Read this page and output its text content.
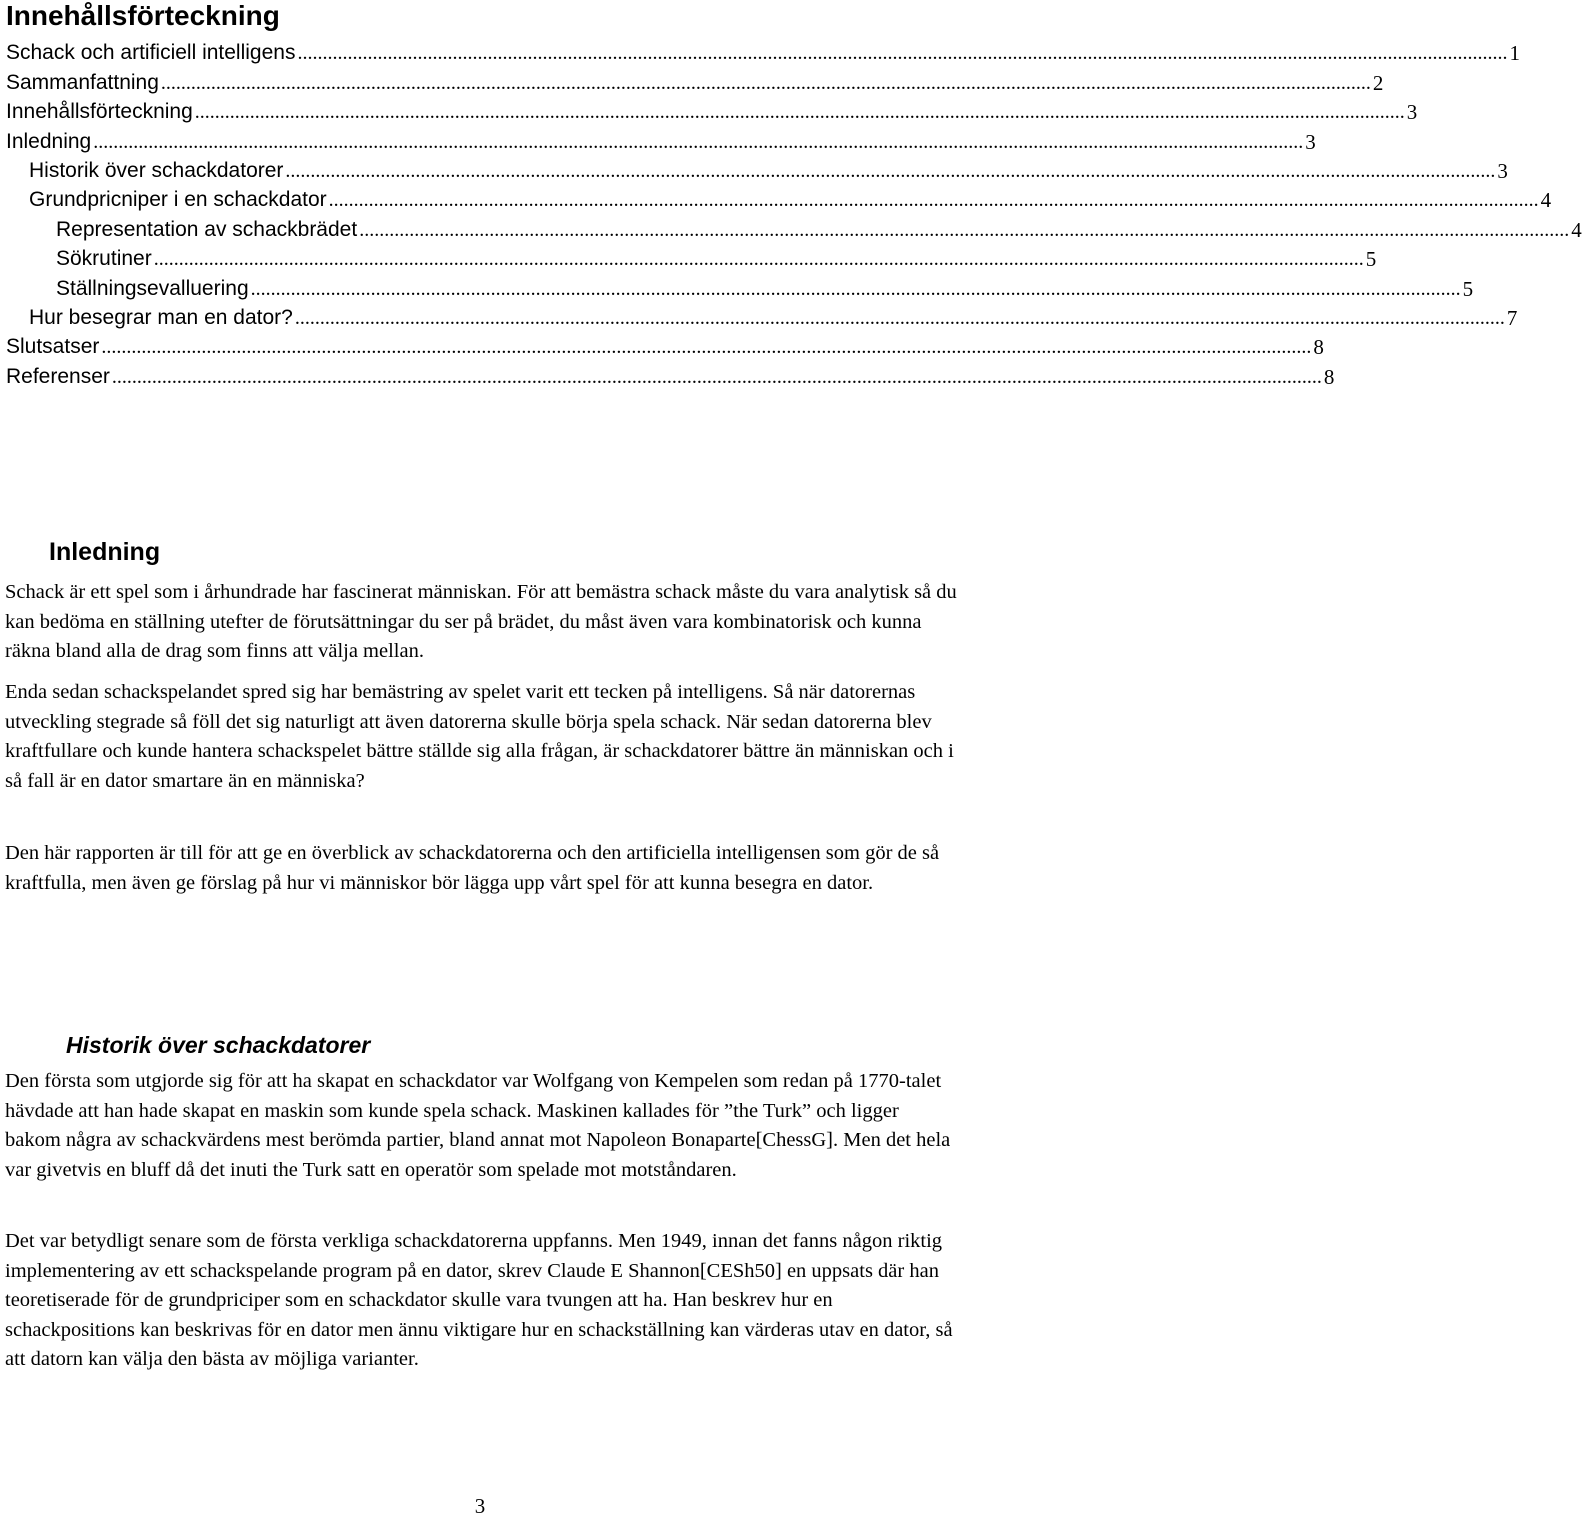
Innehållsförteckning
Schack och artificiell intelligens .....	1
Sammanfattning .....	2
Innehållsförteckning .....	3
Inledning .....	3
Historik över schackdatorer .....	3
Grundpricniper i en schackdator .....	4
Representation av schackbrädet .....	4
Sökrutiner .....	5
Ställningsevalluering .....	5
Hur besegrar man en dator? .....	7
Slutsatser .....	8
Referenser .....	8
Inledning

Schack är ett spel som i århundrade har fascinerat människan. För att bemästra schack måste du vara analytisk så du kan bedöma en ställning utefter de förutsättningar du ser på brädet, du måst även vara kombinatorisk och kunna räkna bland alla de drag som finns att välja mellan.

Enda sedan schackspelandet spred sig har bemästring av spelet varit ett tecken på intelligens. Så när datorernas utveckling stegrade så föll det sig naturligt att även datorerna skulle börja spela schack. När sedan datorerna blev kraftfullare och kunde hantera schackspelet bättre ställde sig alla frågan, är schackdatorer bättre än människan och i så fall är en dator smartare än en människa?

Den här rapporten är till för att ge en överblick av schackdatorerna och den artificiella intelligensen som gör de så kraftfulla, men även ge förslag på hur vi människor bör lägga upp vårt spel för att kunna besegra en dator.

Historik över schackdatorer

Den första som utgjorde sig för att ha skapat en schackdator var Wolfgang von Kempelen som redan på 1770-talet hävdade att han hade skapat en maskin som kunde spela schack. Maskinen kallades för ”the Turk” och ligger bakom några av schackvärdens mest berömda partier, bland annat mot Napoleon Bonaparte[ChessG]. Men det hela var givetvis en bluff då det inuti the Turk satt en operatör som spelade mot motståndaren.

Det var betydligt senare som de första verkliga schackdatorerna uppfanns. Men 1949, innan det fanns någon riktig implementering av ett schackspelande program på en dator, skrev Claude E Shannon[CESh50] en uppsats där han teoretiserade för de grundpriciper som en schackdator skulle vara tvungen att ha. Han beskrev hur en schackpositions kan beskrivas för en dator men ännu viktigare hur en schackställning kan värderas utav en dator, så att datorn kan välja den bästa av möjliga varianter.

3
